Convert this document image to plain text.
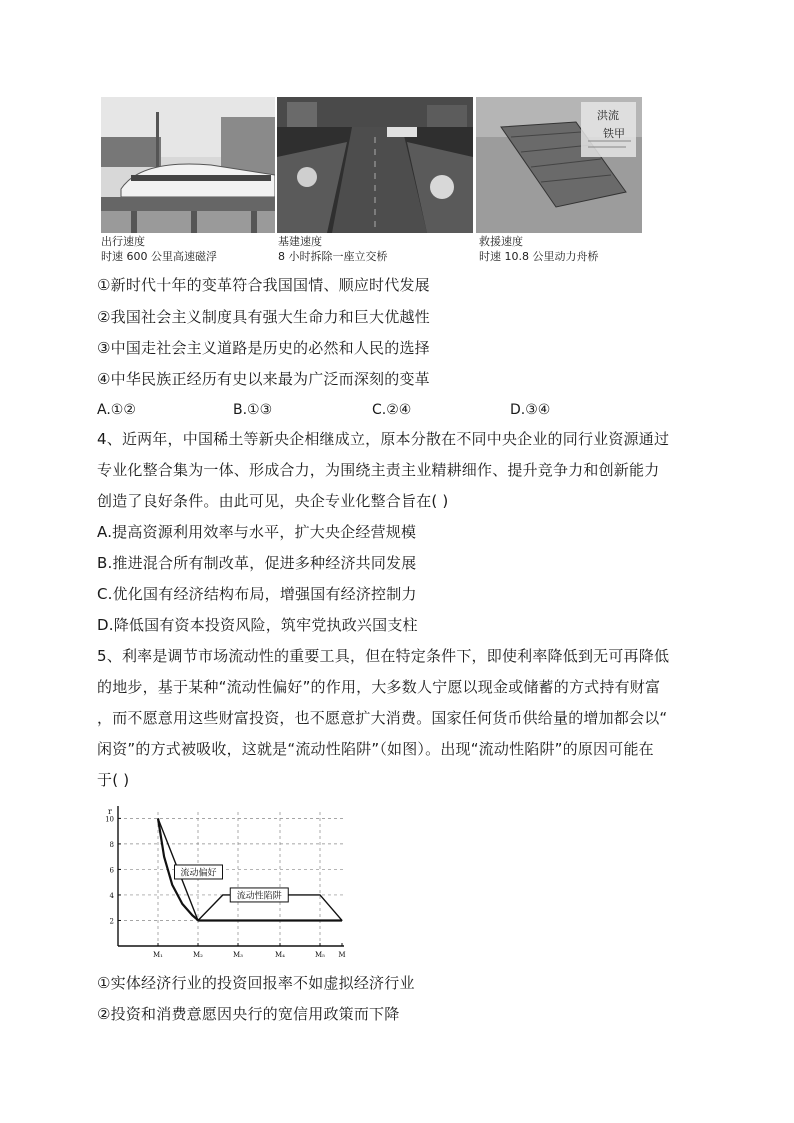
洪流
铁甲
出行速度
时速 600 公里高速磁浮
基建速度
8 小时拆除一座立交桥
救援速度
时速 10.8 公里动力舟桥
①新时代十年的变革符合我国国情、顺应时代发展
②我国社会主义制度具有强大生命力和巨大优越性
③中国走社会主义道路是历史的必然和人民的选择
④中华民族正经历有史以来最为广泛而深刻的变革
A.①②	B.①③	C.②④	D.③④
4、近两年，中国稀土等新央企相继成立，原本分散在不同中央企业的同行业资源通过
专业化整合集为一体、形成合力，为围绕主责主业精耕细作、提升竞争力和创新能力
创造了良好条件。由此可见，央企专业化整合旨在( )
A.提高资源利用效率与水平，扩大央企经营规模
B.推进混合所有制改革，促进多种经济共同发展
C.优化国有经济结构布局，增强国有经济控制力
D.降低国有资本投资风险，筑牢党执政兴国支柱
5、利率是调节市场流动性的重要工具，但在特定条件下，即使利率降低到无可再降低
的地步，基于某种“流动性偏好”的作用，大多数人宁愿以现金或储蓄的方式持有财富
，而不愿意用这些财富投资，也不愿意扩大消费。国家任何货币供给量的增加都会以“
闲资”的方式被吸收，这就是“流动性陷阱”（如图）。出现“流动性陷阱”的原因可能在
于( )
r
10
8
6
4
2
M₁	M₂	M₃	M₄	M₅ M
流动偏好
流动性陷阱
①实体经济行业的投资回报率不如虚拟经济行业
②投资和消费意愿因央行的宽信用政策而下降
